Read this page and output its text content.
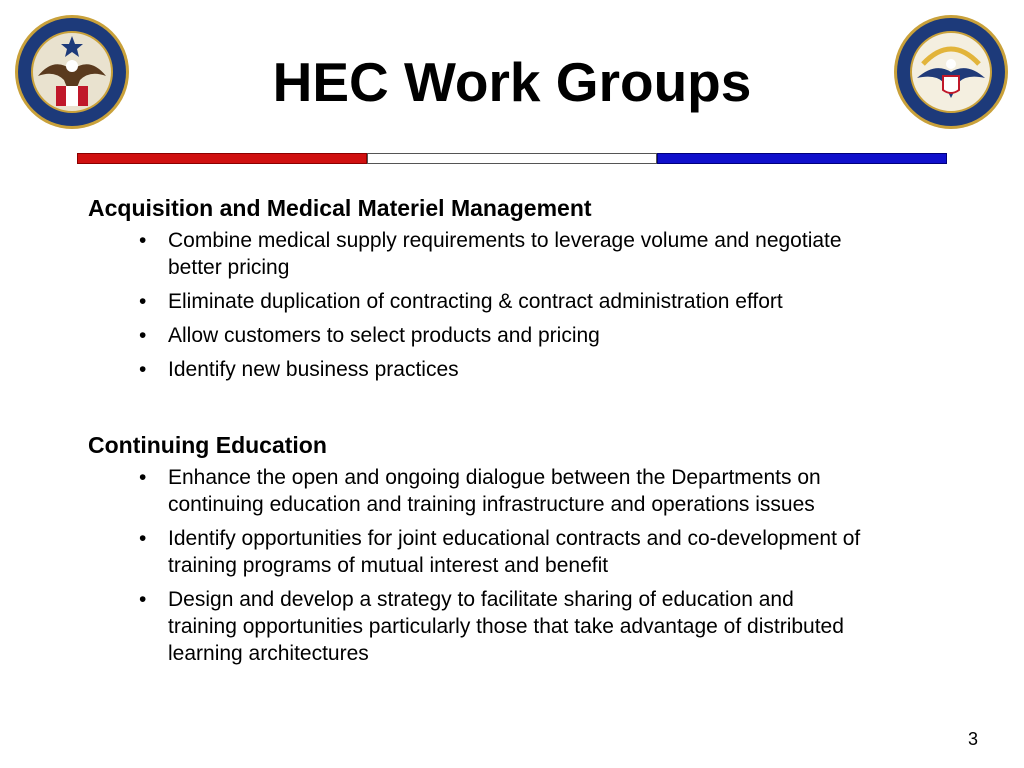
HEC Work Groups
Acquisition and Medical Materiel Management
• Combine medical supply requirements to leverage volume and negotiate better pricing
• Eliminate duplication of contracting & contract administration effort
• Allow customers to select products and pricing
• Identify new business practices
Continuing Education
• Enhance the open and ongoing dialogue between the Departments on continuing education and training infrastructure and operations issues
• Identify opportunities for joint educational contracts and co-development of training programs of mutual interest and benefit
• Design and develop a strategy to facilitate sharing of education and training opportunities particularly those that take advantage of distributed learning architectures
3
